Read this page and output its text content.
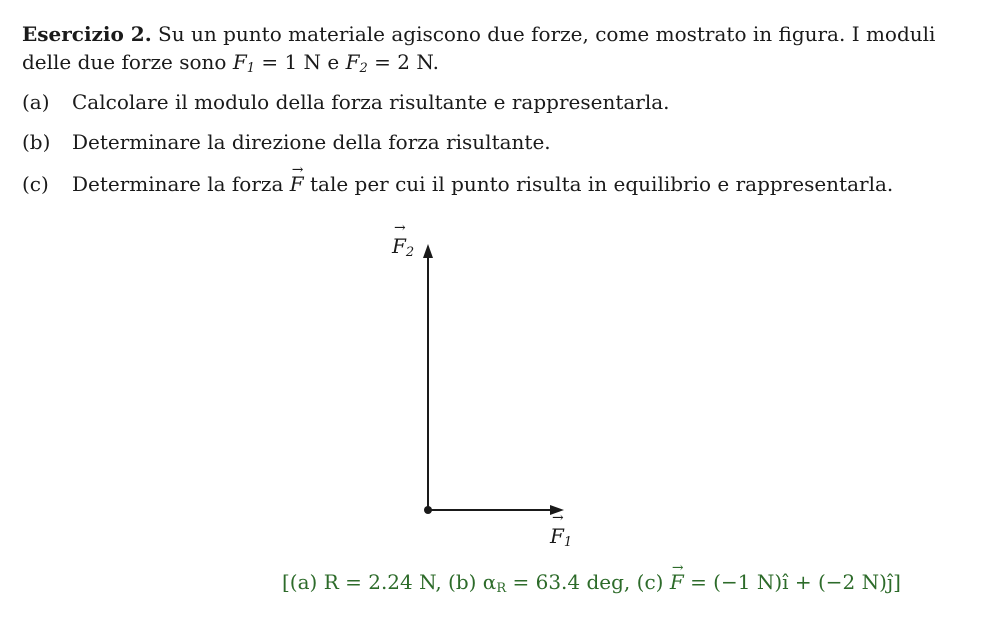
Esercizio 2. Su un punto materiale agiscono due forze, come mostrato in figura. I moduli
delle due forze sono $F_1 = 1$ N e $F_2 = 2$ N.
(a) Calcolare il modulo della forza risultante e rappresentarla.
(b) Determinare la direzione della forza risultante.
(c) Determinare la forza → F tale per cui il punto risulta in equilibrio e rappresentarla.
→ $F_2$
→ $F_1$
[(a) R = 2.24 N, (b) $\alpha_R = 63.4$ deg, (c) → F = (−1 N)ı̂ + (−2 N)ȷ̂]
